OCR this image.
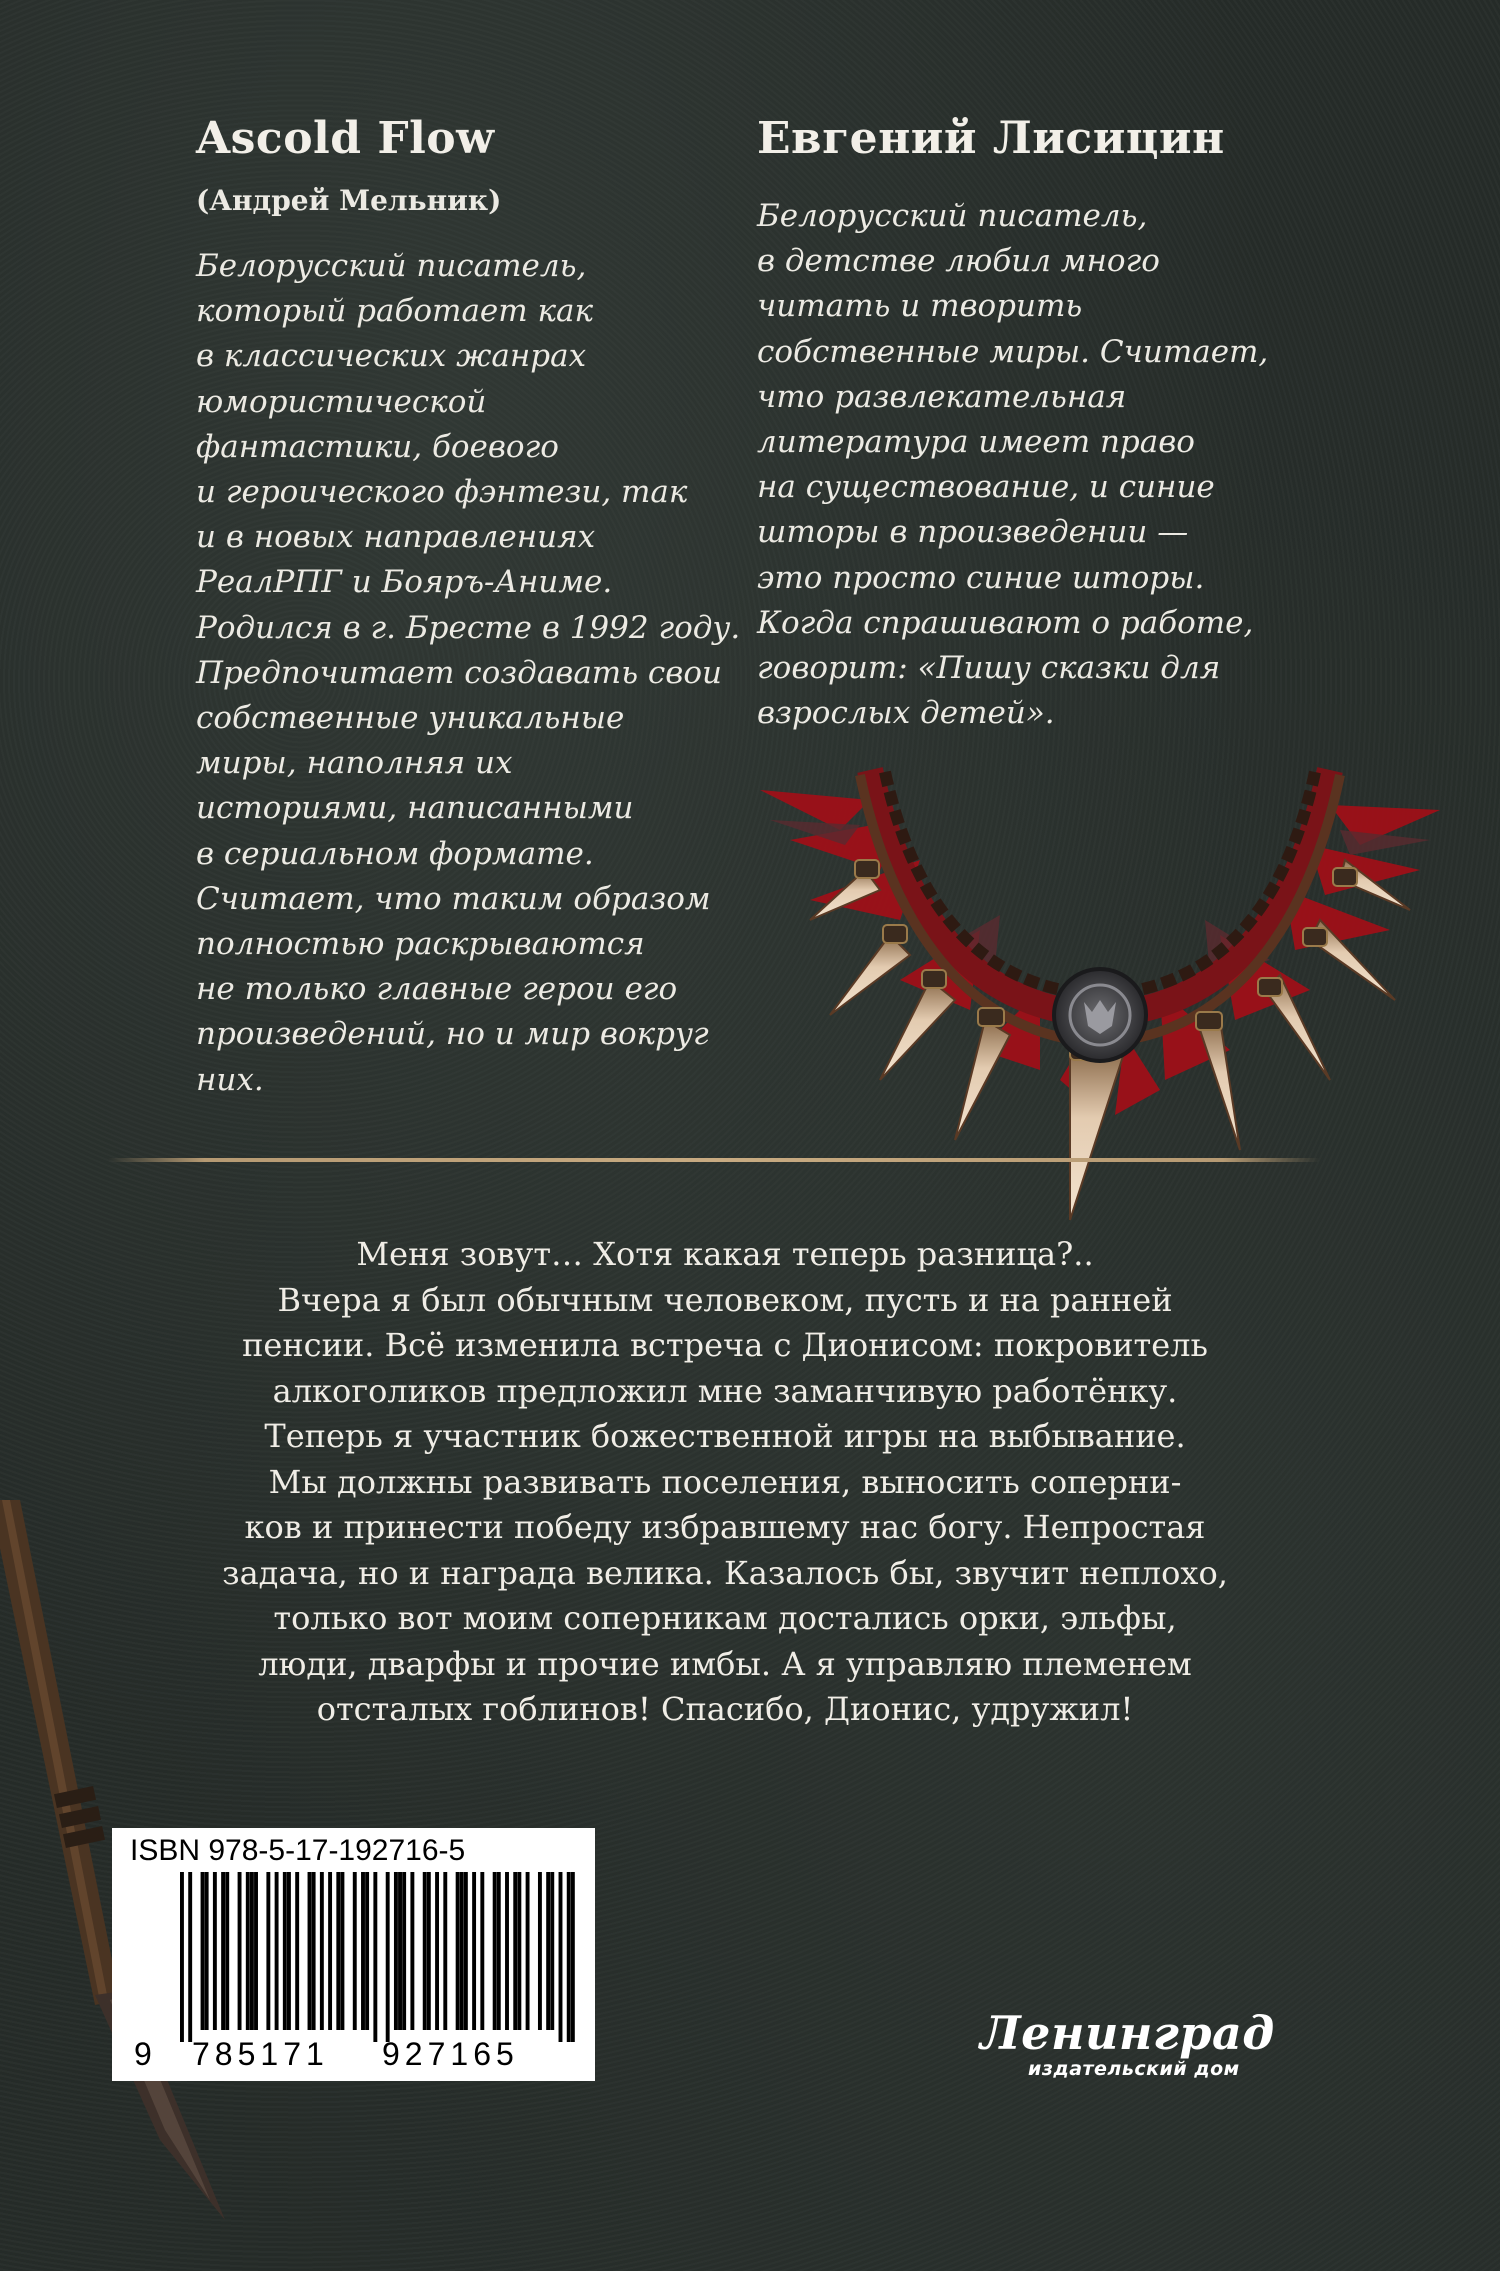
Ascold Flow

(Андрей Мельник)

Белорусский писатель,
который работает как
в классических жанрах
юмористической
фантастики, боевого
и героического фэнтези, так
и в новых направлениях
РеалРПГ и Бояръ-Аниме.
Родился в г. Бресте в 1992 году.
Предпочитает создавать свои
собственные уникальные
миры, наполняя их
историями, написанными
в сериальном формате.
Считает, что таким образом
полностью раскрываются
не только главные герои его
произведений, но и мир вокруг
них.
Евгений Лисицин
Белорусский писатель,
в детстве любил много
читать и творить
собственные миры. Считает,
что развлекательная
литература имеет право
на существование, и синие
шторы в произведении —
это просто синие шторы.
Когда спрашивают о работе,
говорит: «Пишу сказки для
взрослых детей».
Меня зовут… Хотя какая теперь разница?..
Вчера я был обычным человеком, пусть и на ранней
пенсии. Всё изменила встреча с Дионисом: покровитель
алкоголиков предложил мне заманчивую работёнку.
Теперь я участник божественной игры на выбывание.
Мы должны развивать поселения, выносить соперни-
ков и принести победу избравшему нас богу. Непростая
задача, но и награда велика. Казалось бы, звучит неплохо,
только вот моим соперникам достались орки, эльфы,
люди, дварфы и прочие имбы. А я управляю племенем
отсталых гоблинов! Спасибо, Дионис, удружил!

ISBN 978-5-17-192716-5

9 785171 927165	Ленинград
издательский дом
